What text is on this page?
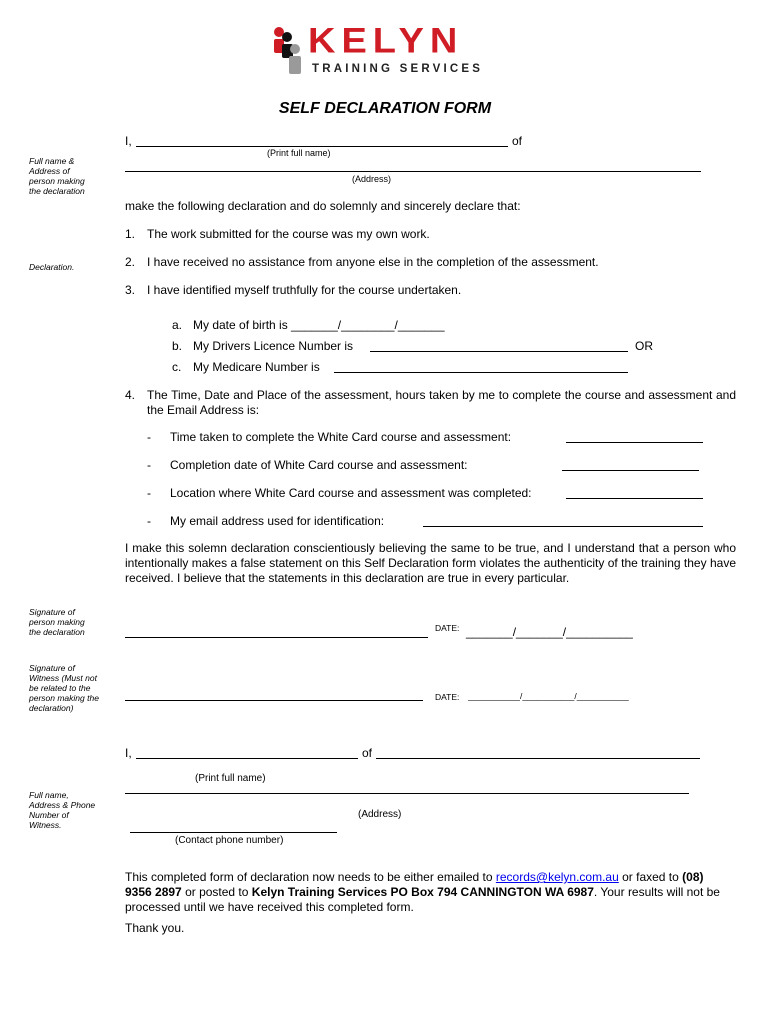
KELYN
TRAINING SERVICES
SELF DECLARATION FORM
Full name & Address of person making the declaration
Declaration.
Signature of person making the declaration
Signature of Witness (Must not be related to the person making the declaration)
Full name, Address & Phone Number of Witness.
I,	of
(Print full name)
(Address)
make the following declaration and do solemnly and sincerely declare that:
1. The work submitted for the course was my own work.
2. I have received no assistance from anyone else in the completion of the assessment.
3. I have identified myself truthfully for the course undertaken.
a. My date of birth is _______/________/_______
b. My Drivers Licence Number is	OR
c. My Medicare Number is
4. The Time, Date and Place of the assessment, hours taken by me to complete the course and assessment and the Email Address is:
- Time taken to complete the White Card course and assessment:
- Completion date of White Card course and assessment:
- Location where White Card course and assessment was completed:
- My email address used for identification:
I make this solemn declaration conscientiously believing the same to be true, and I understand that a person who intentionally makes a false statement on this Self Declaration form violates the authenticity of the training they have received. I believe that the statements in this declaration are true in every particular.
DATE: _______/_______/__________
DATE: ___________/___________/___________
I,	of
(Print full name)
(Address)
(Contact phone number)
This completed form of declaration now needs to be either emailed to records@kelyn.com.au or faxed to (08) 9356 2897 or posted to Kelyn Training Services PO Box 794 CANNINGTON WA 6987. Your results will not be processed until we have received this completed form.
Thank you.
